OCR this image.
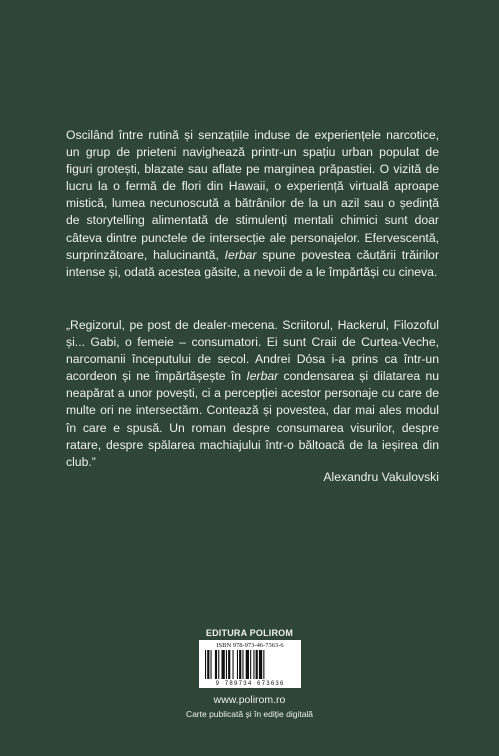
Oscilând între rutină și senzațiile induse de experiențele narcotice, un grup de prieteni navighează printr-un spațiu urban populat de figuri grotești, blazate sau aflate pe marginea prăpastiei. O vizită de lucru la o fermă de flori din Hawaii, o experiență virtuală aproape mistică, lumea necunoscută a bătrânilor de la un azil sau o ședință de storytelling alimentată de stimulenți mentali chimici sunt doar câteva dintre punctele de intersecție ale personajelor. Efervescentă, surprinzătoare, halucinantă, Ierbar spune povestea căutării trăirilor intense și, odată acestea găsite, a nevoii de a le împărtăși cu cineva.

„Regizorul, pe post de dealer-mecena. Scriitorul, Hackerul, Filozoful și... Gabi, o femeie – consumatori. Ei sunt Craii de Curtea-Veche, narcomanii începutului de secol. Andrei Dósa i-a prins ca într-un acordeon și ne împărtășește în Ierbar condensarea și dilatarea nu neapărat a unor povești, ci a percepției acestor personaje cu care de multe ori ne intersectăm. Contează și povestea, dar mai ales modul în care e spusă. Un roman despre consumarea visurilor, despre ratare, despre spălarea machiajului într-o băltoacă de la ieșirea din club.”

Alexandru Vakulovski
EDITURA POLIROM
ISBN 978-973-46-7363-6
9 789734 673636
www.polirom.ro
Carte publicată și în ediție digitală
